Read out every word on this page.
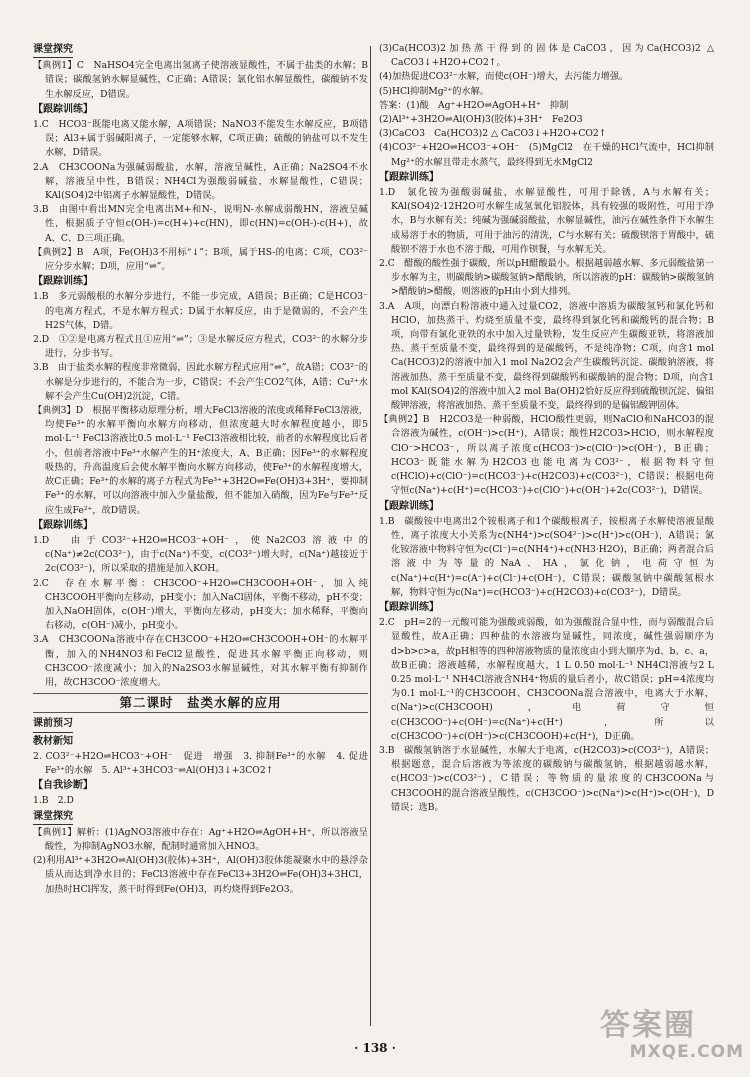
课堂探究

【典例1】C　NaHSO4完全电离出氢离子使溶液显酸性，不属于盐类的水解；B错误；碳酸氢钠水解显碱性，C正确；A错误；氯化铝水解显酸性，碳酸钠不发生水解反应，D错误。

【跟踪训练】

1.C　HCO3⁻既能电离又能水解，A项错误；NaNO3不能发生水解反应，B项错误；Al3+属于弱碱阳离子，一定能够水解，C项正确；硫酸的钠盐可以不发生水解，D错误。

2.A　CH3COONa为强碱弱酸盐，水解，溶液呈碱性，A正确；Na2SO4不水解，溶液呈中性，B错误；NH4Cl为强酸弱碱盐，水解显酸性，C错误；KAl(SO4)2中铝离子水解显酸性，D错误。

3.B　由图中看出MN完全电离出M+和N-，说明N-水解成弱酸HN，溶液呈碱性，根据质子守恒c(OH-)=c(H+)+c(HN)，即c(HN)=c(OH-)-c(H+)，故A、C、D三项正确。

【典例2】B　A项，Fe(OH)3不用标“↓”；B项，属于HS-的电离；C项，CO3²⁻应分步水解；D项，应用“⇌”。

【跟踪训练】

1.B　多元弱酸根的水解分步进行，不能一步完成，A错误；B正确；C是HCO3⁻的电离方程式，不是水解方程式；D属于水解反应，由于是微弱的，不会产生H2S气体，D错。

2.D　①②是电离方程式且①应用“⇌”；③是水解反应方程式，CO3²⁻的水解分步进行，分步书写。

3.B　由于盐类水解的程度非常微弱，因此水解方程式应用“⇌”，故A错；CO3²⁻的水解是分步进行的，不能合为一步，C错误；不会产生CO2气体，A错；Cu²⁺水解不会产生Cu(OH)2沉淀，C错。

【典例3】D　根据平衡移动原理分析，增大FeCl3溶液的浓度或稀释FeCl3溶液，均使Fe³⁺的水解平衡向水解方向移动，但浓度越大时水解程度越小，即5 mol·L⁻¹ FeCl3溶液比0.5 mol·L⁻¹ FeCl3溶液相比较，前者的水解程度比后者小，但前者溶液中Fe³⁺水解产生的H⁺浓度大，A、B正确；因Fe³⁺的水解程度吸热的，升高温度后会使水解平衡向水解方向移动，使Fe³⁺的水解程度增大，故C正确；Fe³⁺的水解的离子方程式为Fe³⁺+3H2O⇌Fe(OH)3+3H⁺，要抑制Fe³⁺的水解，可以向溶液中加入少量盐酸，但不能加入硝酸，因为Fe与Fe³⁺反应生成Fe²⁺，故D错误。

【跟踪训练】

1.D　由于CO3²⁻+H2O⇌HCO3⁻+OH⁻，使Na2CO3溶液中的c(Na⁺)≠2c(CO3²⁻)，由于c(Na⁺)不变，c(CO3²⁻)增大时，c(Na⁺)越接近于2c(CO3²⁻)，所以采取的措施是加入KOH。

2.C　存在水解平衡：CH3COO⁻+H2O⇌CH3COOH+OH⁻，加入纯CH3COOH平衡向左移动，pH变小；加入NaCl固体，平衡不移动，pH不变；加入NaOH固体，c(OH⁻)增大，平衡向左移动，pH变大；加水稀释，平衡向右移动，c(OH⁻)减小，pH变小。

3.A　CH3COONa溶液中存在CH3COO⁻+H2O⇌CH3COOH+OH⁻的水解平衡，加入的NH4NO3和FeCl2显酸性，促进其水解平衡正向移动，则CH3COO⁻浓度减小；加入的Na2SO3水解显碱性，对其水解平衡有抑制作用，故CH3COO⁻浓度增大。

第二课时　盐类水解的应用
课前预习
教材新知

2. CO3²⁻+H2O⇌HCO3⁻+OH⁻　促进　增强　3. 抑制Fe³⁺的水解　4. 促进Fe³⁺的水解　5. Al³⁺+3HCO3⁻⇌Al(OH)3↓+3CO2↑

【自我诊断】

1.B　2.D

课堂探究

【典例1】解析：(1)AgNO3溶液中存在：Ag⁺+H2O⇌AgOH+H⁺，所以溶液呈酸性，为抑制AgNO3水解，配制时通常加入HNO3。

(2)利用Al³⁺+3H2O⇌Al(OH)3(胶体)+3H⁺，Al(OH)3胶体能凝聚水中的悬浮杂质从而达到净水目的；FeCl3溶液中存在FeCl3+3H2O⇌Fe(OH)3+3HCl，加热时HCl挥发，蒸干时得到Fe(OH)3，再灼烧得到Fe2O3。

(3)Ca(HCO3)2加热蒸干得到的固体是CaCO3，因为Ca(HCO3)2 △ CaCO3↓+H2O+CO2↑。

(4)加热促进CO3²⁻水解，而使c(OH⁻)增大，去污能力增强。

(5)HCl抑制Mg²⁺的水解。

答案：(1)酸　Ag⁺+H2O⇌AgOH+H⁺　抑制

(2)Al³⁺+3H2O⇌Al(OH)3(胶体)+3H⁺　Fe2O3

(3)CaCO3　Ca(HCO3)2 △ CaCO3↓+H2O+CO2↑

(4)CO3²⁻+H2O⇌HCO3⁻+OH⁻　(5)MgCl2　在干燥的HCl气流中，HCl抑制Mg²⁺的水解且带走水蒸气，最终得到无水MgCl2

【跟踪训练】

1.D　氯化铵为强酸弱碱盐，水解显酸性，可用于除锈，A与水解有关；KAl(SO4)2·12H2O可水解生成氢氧化铝胶体，具有较强的吸附性，可用于净水，B与水解有关；纯碱为强碱弱酸盐，水解显碱性，油污在碱性条件下水解生成易溶于水的物质，可用于油污的清洗，C与水解有关；硫酸钡溶于胃酸中，硫酸钡不溶于水也不溶于酸，可用作钡餐，与水解无关。

2.C　醋酸的酸性强于碳酸，所以pH醋酸最小。根据越弱越水解、多元弱酸盐第一步水解为主，则碳酸钠>碳酸氢钠>醋酸钠，所以溶液的pH：碳酸钠>碳酸氢钠>醋酸钠>醋酸，则溶液的pH由小到大排列。

3.A　A项，向漂白粉溶液中通入过量CO2，溶液中溶质为碳酸氢钙和氯化钙和HClO，加热蒸干、灼烧至质量不变，最终得到氯化钙和碳酸钙的混合物；B项，向带有氯化亚铁的水中加入过量铁粉，发生反应产生碳酸亚铁，将溶液加热、蒸干至质量不变，最终得到的是碳酸钙，不是纯净物；C项，向含1 mol Ca(HCO3)2的溶液中加入1 mol Na2O2会产生碳酸钙沉淀、碳酸钠溶液，将溶液加热、蒸干至质量不变，最终得到碳酸钙和碳酸钠的混合物；D项，向含1 mol KAl(SO4)2的溶液中加入2 mol Ba(OH)2恰好反应得到硫酸钡沉淀、偏铝酸钾溶液，将溶液加热、蒸干至质量不变，最终得到的是偏铝酸钾固体。

【典例2】B　H2CO3是一种弱酸，HClO酸性更弱，则NaClO和NaHCO3的混合溶液为碱性，c(OH⁻)>c(H⁺)，A错误；酸性H2CO3>HClO，则水解程度ClO⁻>HCO3⁻，所以离子浓度c(HCO3⁻)>c(ClO⁻)>c(OH⁻)，B正确；HCO3⁻既能水解为H2CO3也能电离为CO3²⁻，根据物料守恒c(HClO)+c(ClO⁻)=c(HCO3⁻)+c(H2CO3)+c(CO3²⁻)，C错误；根据电荷守恒c(Na⁺)+c(H⁺)=c(HCO3⁻)+c(ClO⁻)+c(OH⁻)+2c(CO3²⁻)，D错误。

【跟踪训练】

1.B　碳酸铵中电离出2个铵根离子和1个碳酸根离子，铵根离子水解使溶液显酸性，离子浓度大小关系为c(NH4⁺)>c(SO4²⁻)>c(H⁺)>c(OH⁻)，A错误；氯化铵溶液中物料守恒为c(Cl⁻)=c(NH4⁺)+c(NH3·H2O)，B正确；两者混合后溶液中为等量的NaA、HA，氯化钠，电荷守恒为c(Na⁺)+c(H⁺)=c(A⁻)+c(Cl⁻)+c(OH⁻)，C错误；碳酸氢钠中碳酸氢根水解，物料守恒为c(Na⁺)=c(HCO3⁻)+c(H2CO3)+c(CO3²⁻)，D错误。

【跟踪训练】

2.C　pH=2的一元酸可能为强酸或弱酸，如为强酸混合显中性，而与弱酸混合后显酸性，故A正确；四种盐的水溶液均显碱性，同浓度，碱性强弱顺序为d>b>c>a，故pH相等的四种溶液物质的量浓度由小到大顺序为d、b、c、a，故B正确；溶液越稀，水解程度越大，1 L 0.50 mol·L⁻¹ NH4Cl溶液与2 L 0.25 mol·L⁻¹ NH4Cl溶液含NH4⁺物质的量后者小，故C错误；pH=4浓度均为0.1 mol·L⁻¹的CH3COOH、CH3COONa混合溶液中，电离大于水解，c(Na⁺)>c(CH3COOH)，电荷守恒c(CH3COO⁻)+c(OH⁻)=c(Na⁺)+c(H⁺)，所以c(CH3COO⁻)+c(OH⁻)>c(CH3COOH)+c(H⁺)，D正确。

3.B　碳酸氢钠溶于水显碱性，水解大于电离，c(H2CO3)>c(CO3²⁻)，A错误；根据题意，混合后溶液为等浓度的碳酸钠与碳酸氢钠，根据越弱越水解，c(HCO3⁻)>c(CO3²⁻)，C错误；等物质的量浓度的CH3COONa与CH3COOH的混合溶液呈酸性，c(CH3COO⁻)>c(Na⁺)>c(H⁺)>c(OH⁻)，D错误；选B。

· 138 ·
答案圈
MXQE.COM
